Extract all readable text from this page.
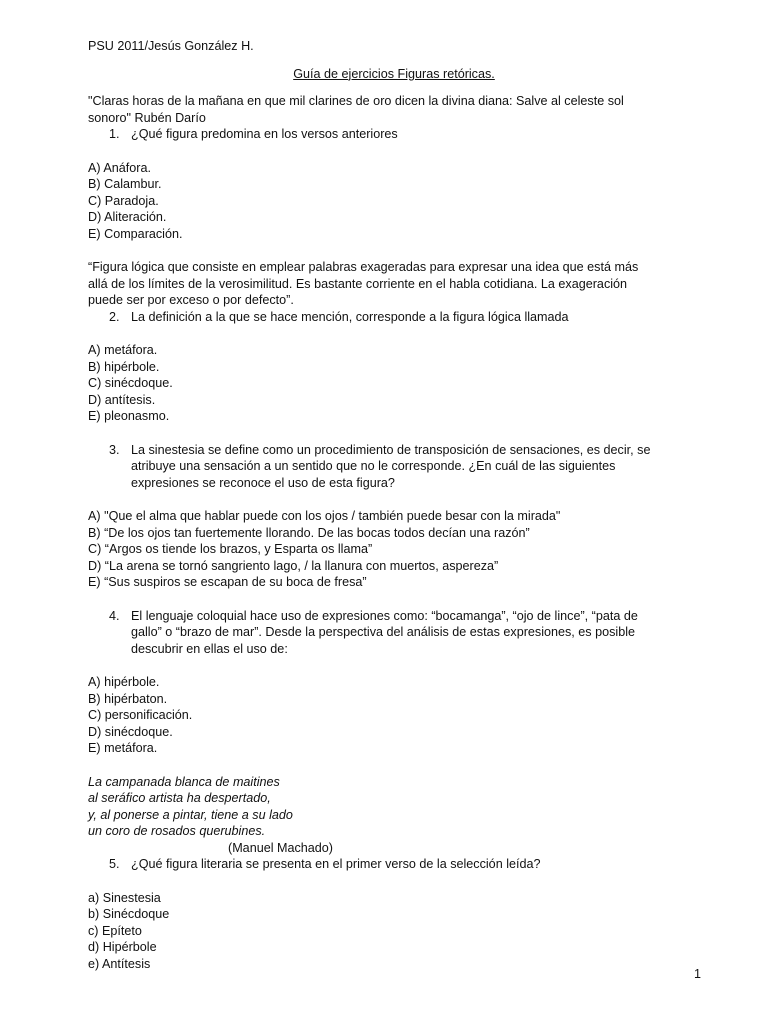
PSU 2011/Jesús González H.
Guía de ejercicios Figuras retóricas.
"Claras horas de la mañana en que mil clarines de oro dicen la divina diana: Salve al celeste sol
sonoro" Rubén Darío
1. ¿Qué figura predomina en los versos anteriores
A) Anáfora.
B) Calambur.
C) Paradoja.
D) Aliteración.
E) Comparación.
“Figura lógica que consiste en emplear palabras exageradas para expresar una idea que está más
allá de los límites de la verosimilitud. Es bastante corriente en el habla cotidiana. La exageración
puede ser por exceso o por defecto”.
2. La definición a la que se hace mención, corresponde a la figura lógica llamada
A) metáfora.
B) hipérbole.
C) sinécdoque.
D) antítesis.
E) pleonasmo.
3. La sinestesia se define como un procedimiento de transposición de sensaciones, es decir, se
atribuye una sensación a un sentido que no le corresponde. ¿En cuál de las siguientes
expresiones se reconoce el uso de esta figura?
A) "Que el alma que hablar puede con los ojos / también puede besar con la mirada"
B) “De los ojos tan fuertemente llorando. De las bocas todos decían una razón”
C) “Argos os tiende los brazos, y Esparta os llama”
D) “La arena se tornó sangriento lago, / la llanura con muertos, aspereza”
E) “Sus suspiros se escapan de su boca de fresa”
4. El lenguaje coloquial hace uso de expresiones como: “bocamanga”, “ojo de lince”, “pata de
gallo” o “brazo de mar”. Desde la perspectiva del análisis de estas expresiones, es posible
descubrir en ellas el uso de:
A) hipérbole.
B) hipérbaton.
C) personificación.
D) sinécdoque.
E) metáfora.
La campanada blanca de maitines
al seráfico artista ha despertado,
y, al ponerse a pintar, tiene a su lado
un coro de rosados querubines.
(Manuel Machado)
5. ¿Qué figura literaria se presenta en el primer verso de la selección leída?
a) Sinestesia
b) Sinécdoque
c) Epíteto
d) Hipérbole
e) Antítesis
1
